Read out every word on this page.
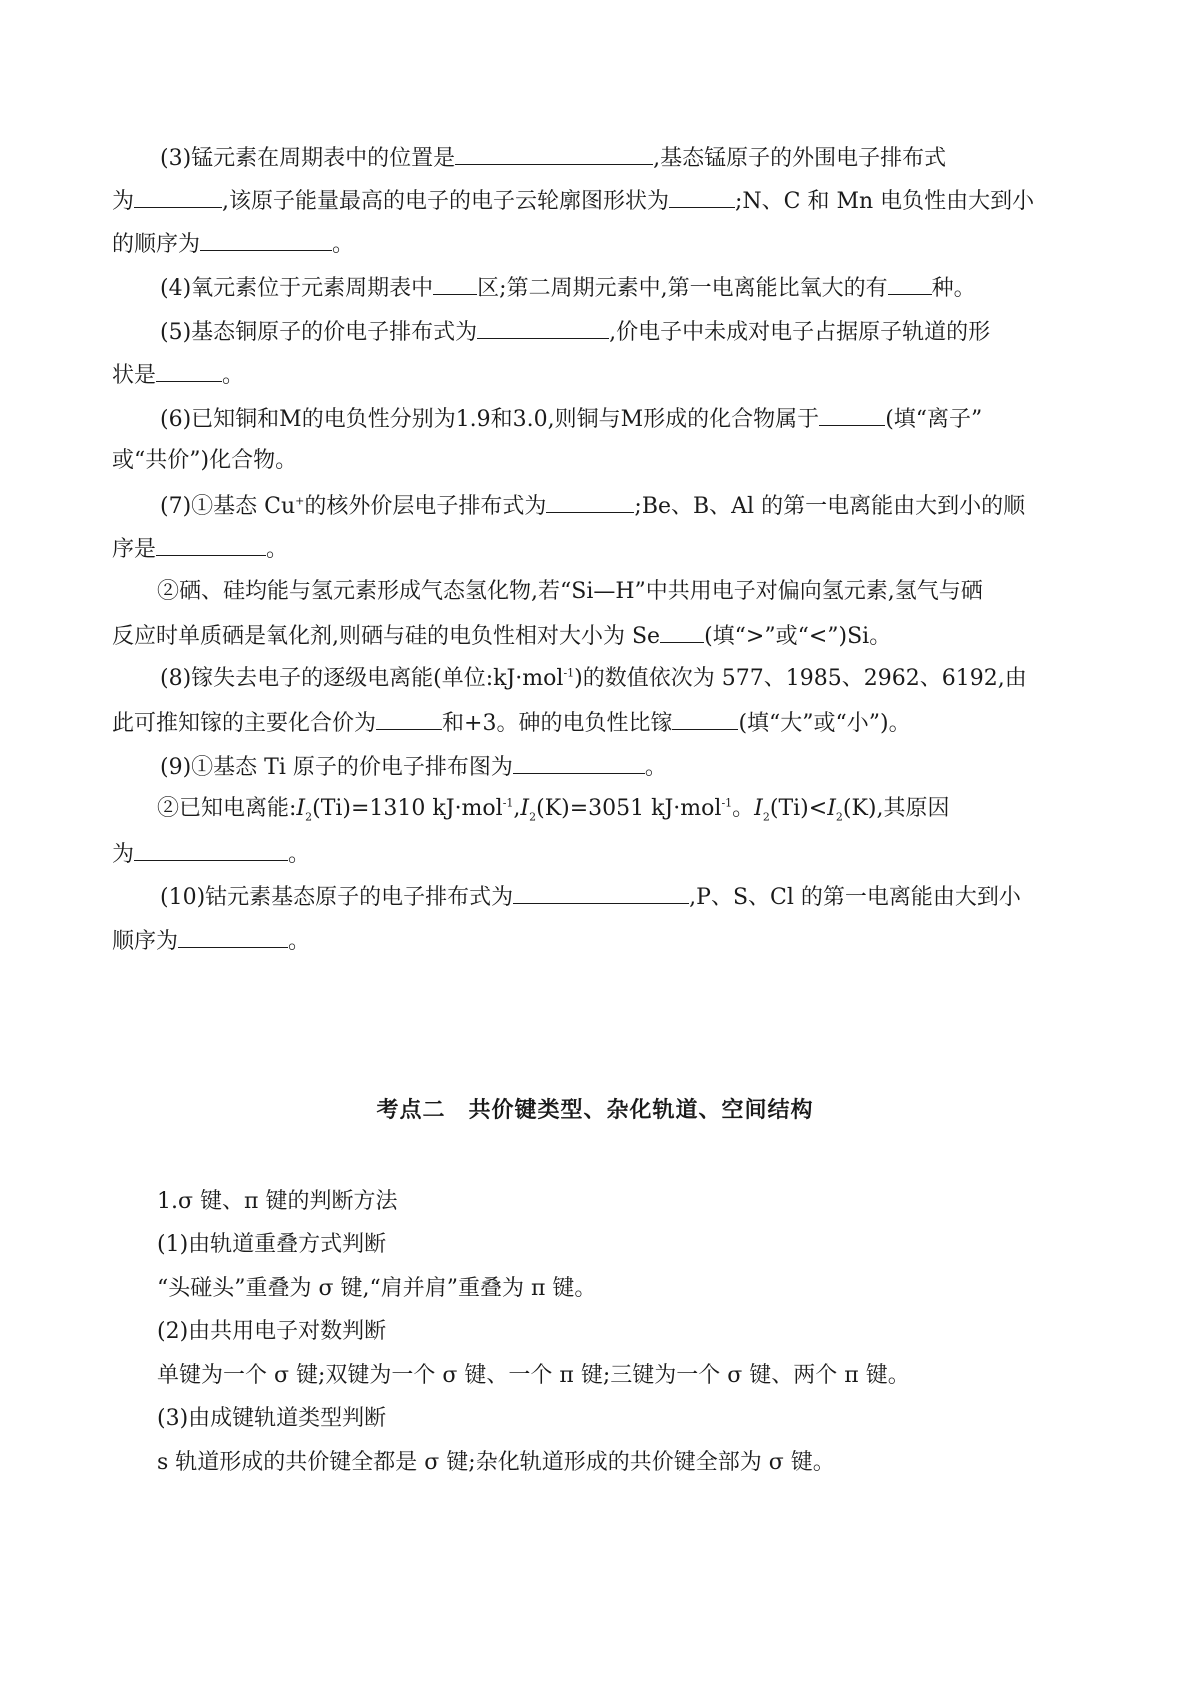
(3)锰元素在周期表中的位置是	,基态锰原子的外围电子排布式
为	,该原子能量最高的电子的电子云轮廓图形状为	;N、C 和 Mn 电负性由大到小
的顺序为	。
(4)氧元素位于元素周期表中 区;第二周期元素中,第一电离能比氧大的有 种。
(5)基态铜原子的价电子排布式为	,价电子中未成对电子占据原子轨道的形
状是	。
(6)已知铜和M的电负性分别为1.9和3.0,则铜与M形成的化合物属于	(填“离子”
或“共价”)化合物。
(7)①基态 Cu+的核外价层电子排布式为	;Be、B、Al 的第一电离能由大到小的顺
序是	。
②硒、硅均能与氢元素形成气态氢化物,若“Si—H”中共用电子对偏向氢元素,氢气与硒
反应时单质硒是氧化剂,则硒与硅的电负性相对大小为 Se (填“>”或“<”)Si。
(8)镓失去电子的逐级电离能(单位:kJ·mol$^{-1}$)的数值依次为 577、1985、2962、6192,由
此可推知镓的主要化合价为	和+3。砷的电负性比镓	(填“大”或“小”)。
(9)①基态 Ti 原子的价电子排布图为	。
②已知电离能$:I_2(Ti)=1310$ $kJ\cdot mol^{-1},I_2(K)=3051$ kJ·mol$^{-1}$。$I_2(Ti)<I_2(K)$,其原因
为	。
(10)钴元素基态原子的电子排布式为	,P、S、Cl 的第一电离能由大到小
顺序为	。
考点二　共价键类型、杂化轨道、空间结构
1.σ 键、π 键的判断方法
(1)由轨道重叠方式判断
“头碰头”重叠为 σ 键,“肩并肩”重叠为 π 键。
(2)由共用电子对数判断
单键为一个 σ 键;双键为一个 σ 键、一个 π 键;三键为一个 σ 键、两个 π 键。
(3)由成键轨道类型判断
s 轨道形成的共价键全都是 σ 键;杂化轨道形成的共价键全部为 σ 键。
